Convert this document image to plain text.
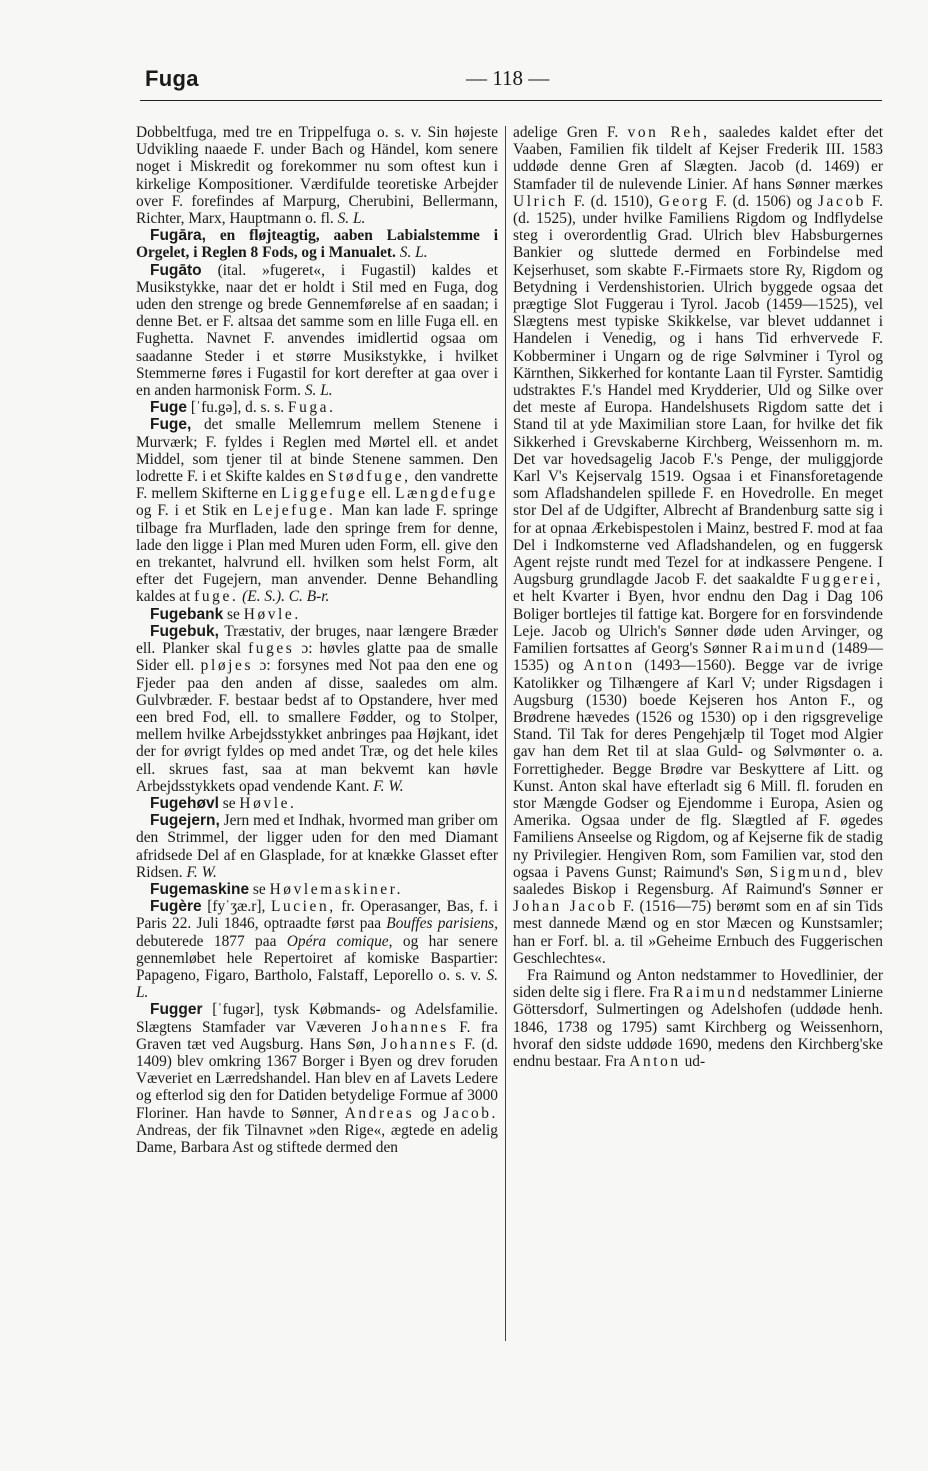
Fuga	— 118 —

Dobbeltfuga, med tre en Trippelfuga o. s. v. Sin højeste Udvikling naaede F. under Bach og Händel, kom senere noget i Miskredit og forekommer nu som oftest kun i kirkelige Kompositioner. Værdifulde teoretiske Arbejder over F. forefindes af Marpurg, Cherubini, Bellermann, Richter, Marx, Hauptmann o. fl. S. L.

Fugāra, en fløjteagtig, aaben Labialstemme i Orgelet, i Reglen 8 Fods, og i Manualet. S. L.

Fugāto (ital. »fugeret«, i Fugastil) kaldes et Musikstykke, naar det er holdt i Stil med en Fuga, dog uden den strenge og brede Gennemførelse af en saadan; i denne Bet. er F. altsaa det samme som en lille Fuga ell. en Fughetta. Navnet F. anvendes imidlertid ogsaa om saadanne Steder i et større Musikstykke, i hvilket Stemmerne føres i Fugastil for kort derefter at gaa over i en anden harmonisk Form. S. L.

Fuge [ˈfu.gə], d. s. s. Fuga.

Fuge, det smalle Mellemrum mellem Stenene i Murværk; F. fyldes i Reglen med Mørtel ell. et andet Middel, som tjener til at binde Stenene sammen. Den lodrette F. i et Skifte kaldes en Stødfuge, den vandrette F. mellem Skifterne en Liggefuge ell. Længdefuge og F. i et Stik en Lejefuge. Man kan lade F. springe tilbage fra Murfladen, lade den springe frem for denne, lade den ligge i Plan med Muren uden Form, ell. give den en trekantet, halvrund ell. hvilken som helst Form, alt efter det Fugejern, man anvender. Denne Behandling kaldes at fuge. (E. S.). C. B-r.

Fugebank se Høvle.

Fugebuk, Træstativ, der bruges, naar længere Bræder ell. Planker skal fuges ɔ: høvles glatte paa de smalle Sider ell. pløjes ɔ: forsynes med Not paa den ene og Fjeder paa den anden af disse, saaledes om alm. Gulvbræder. F. bestaar bedst af to Opstandere, hver med een bred Fod, ell. to smallere Fødder, og to Stolper, mellem hvilke Arbejdsstykket anbringes paa Højkant, idet der for øvrigt fyldes op med andet Træ, og det hele kiles ell. skrues fast, saa at man bekvemt kan høvle Arbejdsstykkets opad vendende Kant. F. W.

Fugehøvl se Høvle.

Fugejern, Jern med et Indhak, hvormed man griber om den Strimmel, der ligger uden for den med Diamant afridsede Del af en Glasplade, for at knække Glasset efter Ridsen. F. W.

Fugemaskine se Høvlemaskiner.

Fugère [fyˈʒæ.r], Lucien, fr. Operasanger, Bas, f. i Paris 22. Juli 1846, optraadte først paa Bouffes parisiens, debuterede 1877 paa Opéra comique, og har senere gennemløbet hele Repertoiret af komiske Baspartier: Papageno, Figaro, Bartholo, Falstaff, Leporello o. s. v. S. L.

Fugger [ˈfugər], tysk Købmands- og Adelsfamilie. Slægtens Stamfader var Væveren Johannes F. fra Graven tæt ved Augsburg. Hans Søn, Johannes F. (d. 1409) blev omkring 1367 Borger i Byen og drev foruden Væveriet en Lærredshandel. Han blev en af Lavets Ledere og efterlod sig den for Datiden betydelige Formue af 3000 Floriner. Han havde to Sønner, Andreas og Jacob. Andreas, der fik Tilnavnet »den Rige«, ægtede en adelig Dame, Barbara Ast og stiftede dermed den

adelige Gren F. von Reh, saaledes kaldet efter det Vaaben, Familien fik tildelt af Kejser Frederik III. 1583 uddøde denne Gren af Slægten. Jacob (d. 1469) er Stamfader til de nulevende Linier. Af hans Sønner mærkes Ulrich F. (d. 1510), Georg F. (d. 1506) og Jacob F. (d. 1525), under hvilke Familiens Rigdom og Indflydelse steg i overordentlig Grad. Ulrich blev Habsburgernes Bankier og sluttede dermed en Forbindelse med Kejserhuset, som skabte F.-Firmaets store Ry, Rigdom og Betydning i Verdenshistorien. Ulrich byggede ogsaa det prægtige Slot Fuggerau i Tyrol. Jacob (1459—1525), vel Slægtens mest typiske Skikkelse, var blevet uddannet i Handelen i Venedig, og i hans Tid erhvervede F. Kobberminer i Ungarn og de rige Sølvminer i Tyrol og Kärnthen, Sikkerhed for kontante Laan til Fyrster. Samtidig udstraktes F.'s Handel med Krydderier, Uld og Silke over det meste af Europa. Handelshusets Rigdom satte det i Stand til at yde Maximilian store Laan, for hvilke det fik Sikkerhed i Grevskaberne Kirchberg, Weissenhorn m. m. Det var hovedsagelig Jacob F.'s Penge, der muliggjorde Karl V's Kejservalg 1519. Ogsaa i et Finansforetagende som Afladshandelen spillede F. en Hovedrolle. En meget stor Del af de Udgifter, Albrecht af Brandenburg satte sig i for at opnaa Ærkebispestolen i Mainz, bestred F. mod at faa Del i Indkomsterne ved Afladshandelen, og en fuggersk Agent rejste rundt med Tezel for at indkassere Pengene. I Augsburg grundlagde Jacob F. det saakaldte Fuggerei, et helt Kvarter i Byen, hvor endnu den Dag i Dag 106 Boliger bortlejes til fattige kat. Borgere for en forsvindende Leje. Jacob og Ulrich's Sønner døde uden Arvinger, og Familien fortsattes af Georg's Sønner Raimund (1489—1535) og Anton (1493—1560). Begge var de ivrige Katolikker og Tilhængere af Karl V; under Rigsdagen i Augsburg (1530) boede Kejseren hos Anton F., og Brødrene hævedes (1526 og 1530) op i den rigsgrevelige Stand. Til Tak for deres Pengehjælp til Toget mod Algier gav han dem Ret til at slaa Guld- og Sølvmønter o. a. Forrettigheder. Begge Brødre var Beskyttere af Litt. og Kunst. Anton skal have efterladt sig 6 Mill. fl. foruden en stor Mængde Godser og Ejendomme i Europa, Asien og Amerika. Ogsaa under de flg. Slægtled af F. øgedes Familiens Anseelse og Rigdom, og af Kejserne fik de stadig ny Privilegier. Hengiven Rom, som Familien var, stod den ogsaa i Pavens Gunst; Raimund's Søn, Sigmund, blev saaledes Biskop i Regensburg. Af Raimund's Sønner er Johan Jacob F. (1516—75) berømt som en af sin Tids mest dannede Mænd og en stor Mæcen og Kunstsamler; han er Forf. bl. a. til »Geheime Ernbuch des Fuggerischen Geschlechtes«.

Fra Raimund og Anton nedstammer to Hovedlinier, der siden delte sig i flere. Fra Raimund nedstammer Linierne Göttersdorf, Sulmertingen og Adelshofen (uddøde henh. 1846, 1738 og 1795) samt Kirchberg og Weissenhorn, hvoraf den sidste uddøde 1690, medens den Kirchberg'ske endnu bestaar. Fra Anton ud-
